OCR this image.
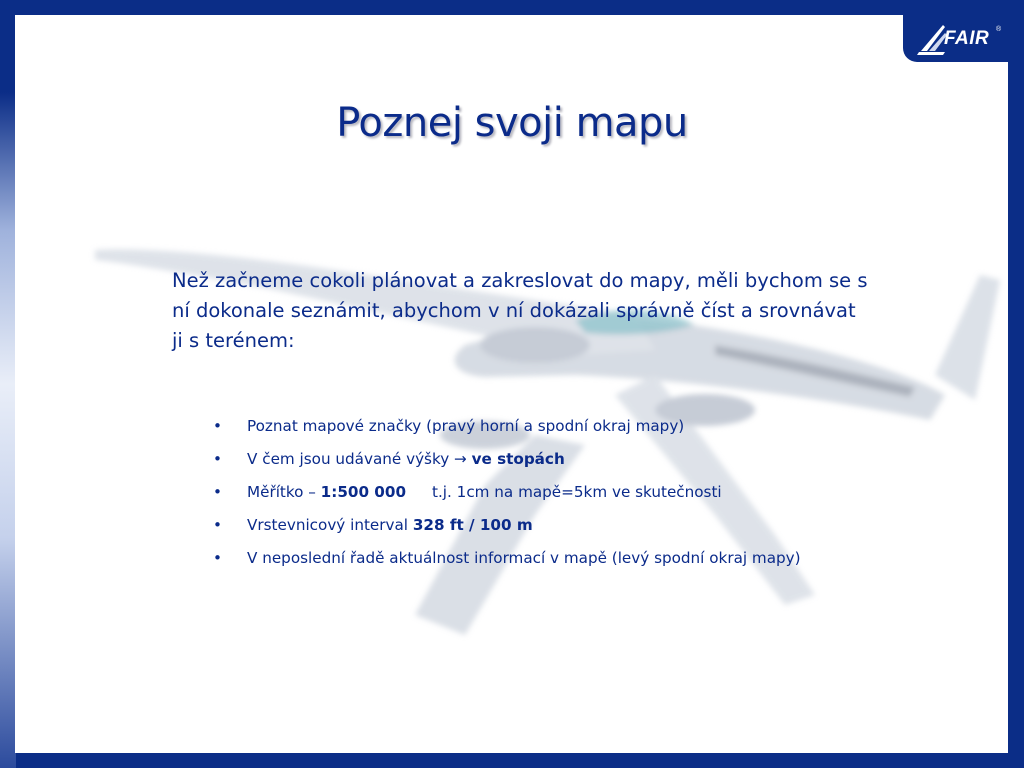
FAIR ®
Poznej svoji mapu

Než začneme cokoli plánovat a zakreslovat do mapy, měli bychom se s ní dokonale seznámit, abychom v ní dokázali správně číst a srovnávat ji s terénem:

• Poznat mapové značky (pravý horní a spodní okraj mapy)
• V čem jsou udávané výšky → ve stopách
• Měřítko – 1:500 000 t.j. 1cm na mapě=5km ve skutečnosti
• Vrstevnicový interval 328 ft / 100 m
• V neposlední řadě aktuálnost informací v mapě (levý spodní okraj mapy)
